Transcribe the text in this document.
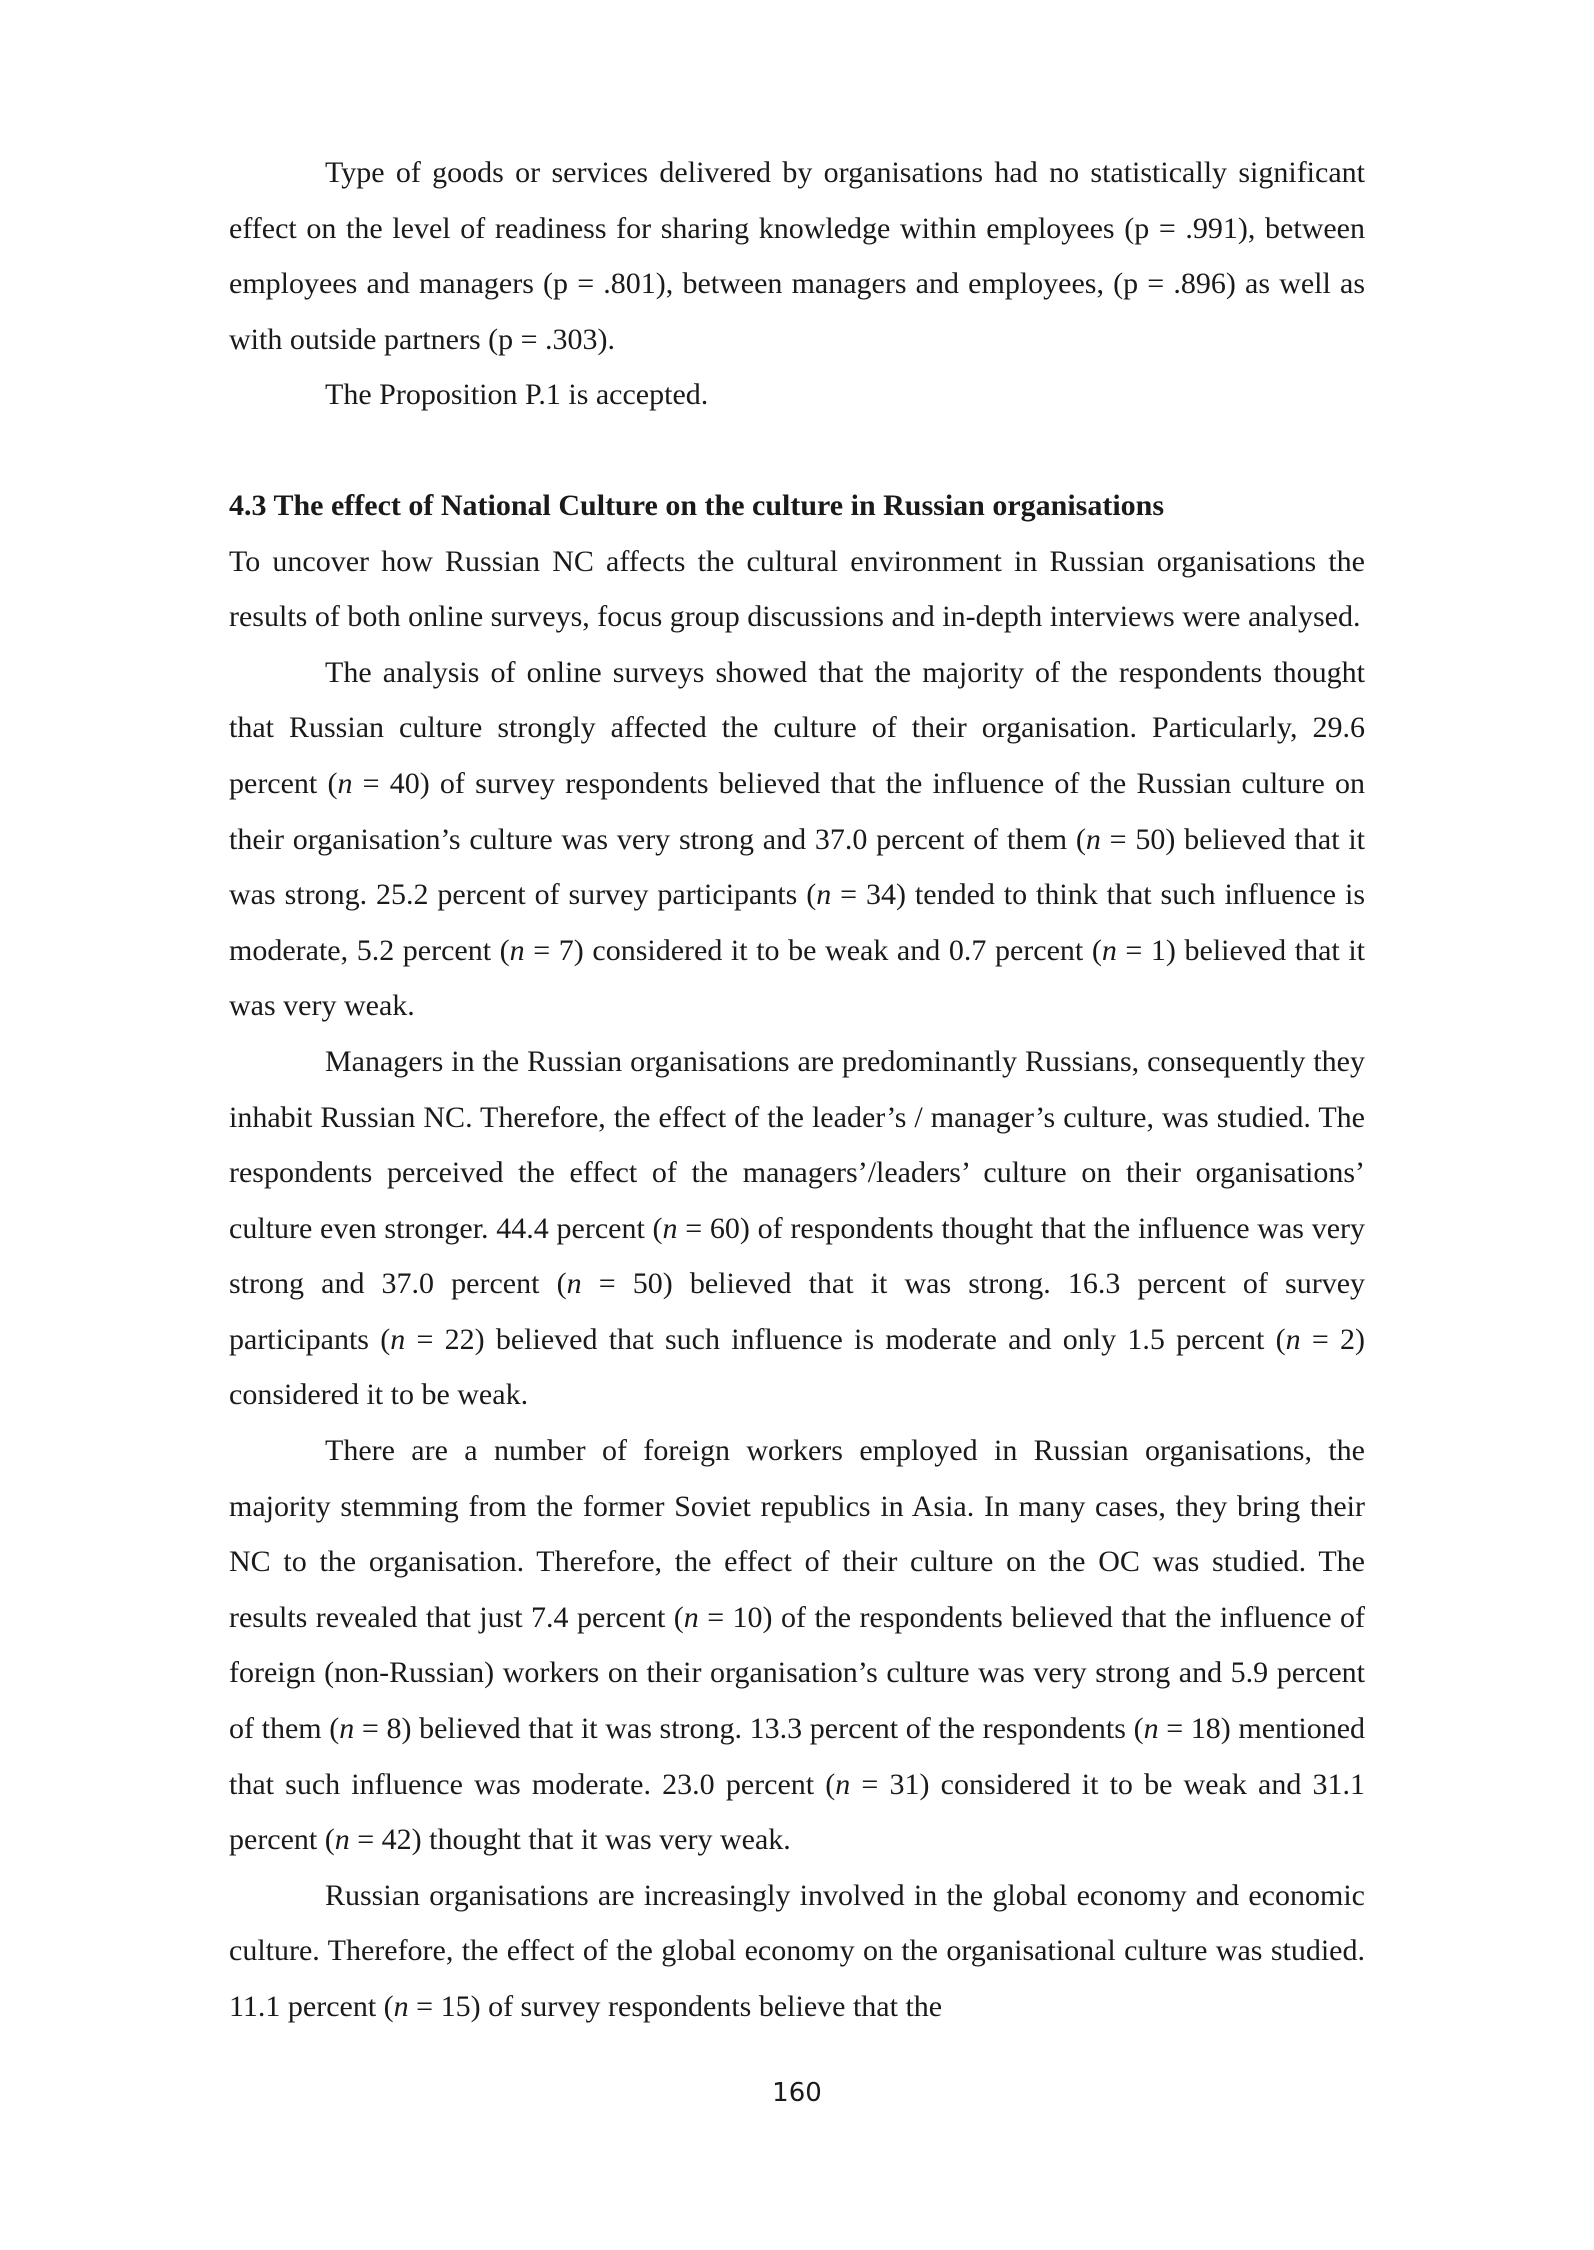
Type of goods or services delivered by organisations had no statistically significant effect on the level of readiness for sharing knowledge within employees (p = .991), between employees and managers (p = .801), between managers and employees, (p = .896) as well as with outside partners (p = .303).

The Proposition P.1 is accepted.

4.3 The effect of National Culture on the culture in Russian organisations

To uncover how Russian NC affects the cultural environment in Russian organisations the results of both online surveys, focus group discussions and in-depth interviews were analysed.

The analysis of online surveys showed that the majority of the respondents thought that Russian culture strongly affected the culture of their organisation. Particularly, 29.6 percent (n = 40) of survey respondents believed that the influence of the Russian culture on their organisation’s culture was very strong and 37.0 percent of them (n = 50) believed that it was strong. 25.2 percent of survey participants (n = 34) tended to think that such influence is moderate, 5.2 percent (n = 7) considered it to be weak and 0.7 percent (n = 1) believed that it was very weak.

Managers in the Russian organisations are predominantly Russians, consequently they inhabit Russian NC. Therefore, the effect of the leader’s / manager’s culture, was studied. The respondents perceived the effect of the managers’/leaders’ culture on their organisations’ culture even stronger. 44.4 percent (n = 60) of respondents thought that the influence was very strong and 37.0 percent (n = 50) believed that it was strong. 16.3 percent of survey participants (n = 22) believed that such influence is moderate and only 1.5 percent (n = 2) considered it to be weak.

There are a number of foreign workers employed in Russian organisations, the majority stemming from the former Soviet republics in Asia. In many cases, they bring their NC to the organisation. Therefore, the effect of their culture on the OC was studied. The results revealed that just 7.4 percent (n = 10) of the respondents believed that the influence of foreign (non-Russian) workers on their organisation’s culture was very strong and 5.9 percent of them (n = 8) believed that it was strong. 13.3 percent of the respondents (n = 18) mentioned that such influence was moderate. 23.0 percent (n = 31) considered it to be weak and 31.1 percent (n = 42) thought that it was very weak.

Russian organisations are increasingly involved in the global economy and economic culture. Therefore, the effect of the global economy on the organisational culture was studied. 11.1 percent (n = 15) of survey respondents believe that the

160
